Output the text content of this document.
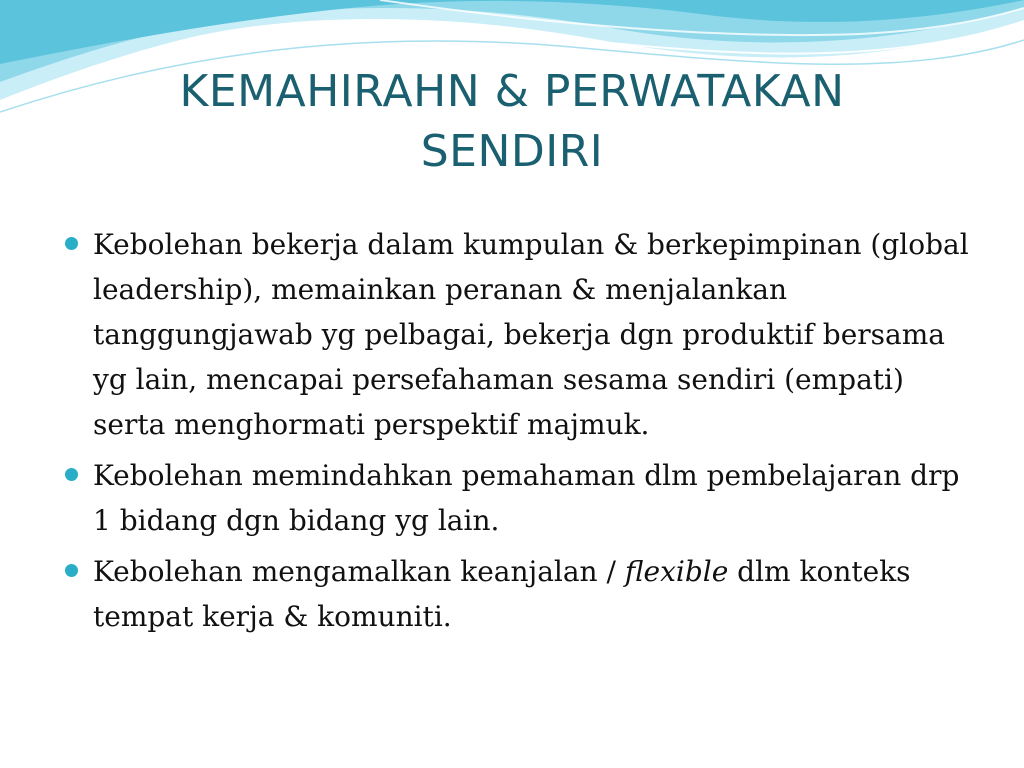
KEMAHIRAHN & PERWATAKAN
SENDIRI
Kebolehan bekerja dalam kumpulan & berkepimpinan (global leadership), memainkan peranan & menjalankan tanggungjawab yg pelbagai, bekerja dgn produktif bersama yg lain, mencapai persefahaman sesama sendiri (empati) serta menghormati perspektif majmuk.
Kebolehan memindahkan pemahaman dlm pembelajaran drp 1 bidang dgn bidang yg lain.
Kebolehan mengamalkan keanjalan / flexible dlm konteks tempat kerja & komuniti.
